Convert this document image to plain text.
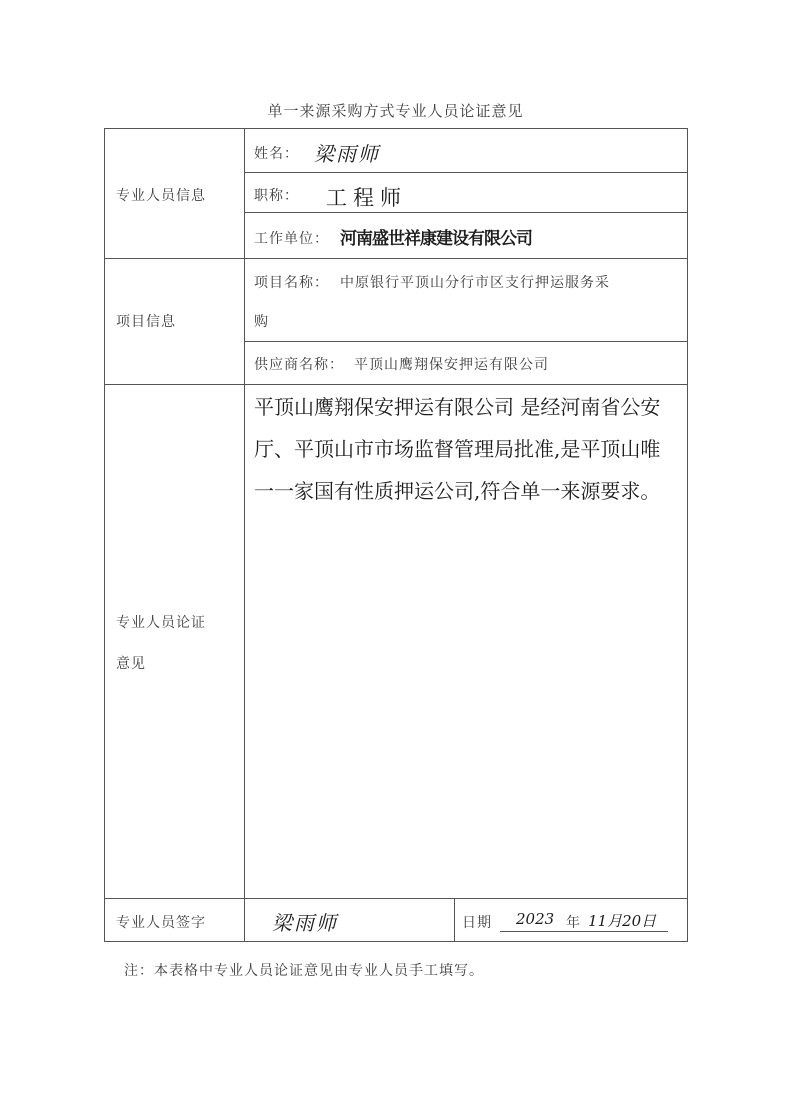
单一来源采购方式专业人员论证意见
专业人员信息
姓名： 梁雨师
职称： 工程师
工作单位： 河南盛世祥康建设有限公司
项目信息
项目名称： 中原银行平顶山分行市区支行押运服务采
购
供应商名称： 平顶山鹰翔保安押运有限公司
专业人员论证
意见
平顶山鹰翔保安押运有限公司 是经河南省公安厅、平顶山市市场监督管理局批准,是平顶山唯一一家国有性质押运公司,符合单一来源要求。
专业人员签字	梁雨师	日期 2023 年 11月20日
注：本表格中专业人员论证意见由专业人员手工填写。
